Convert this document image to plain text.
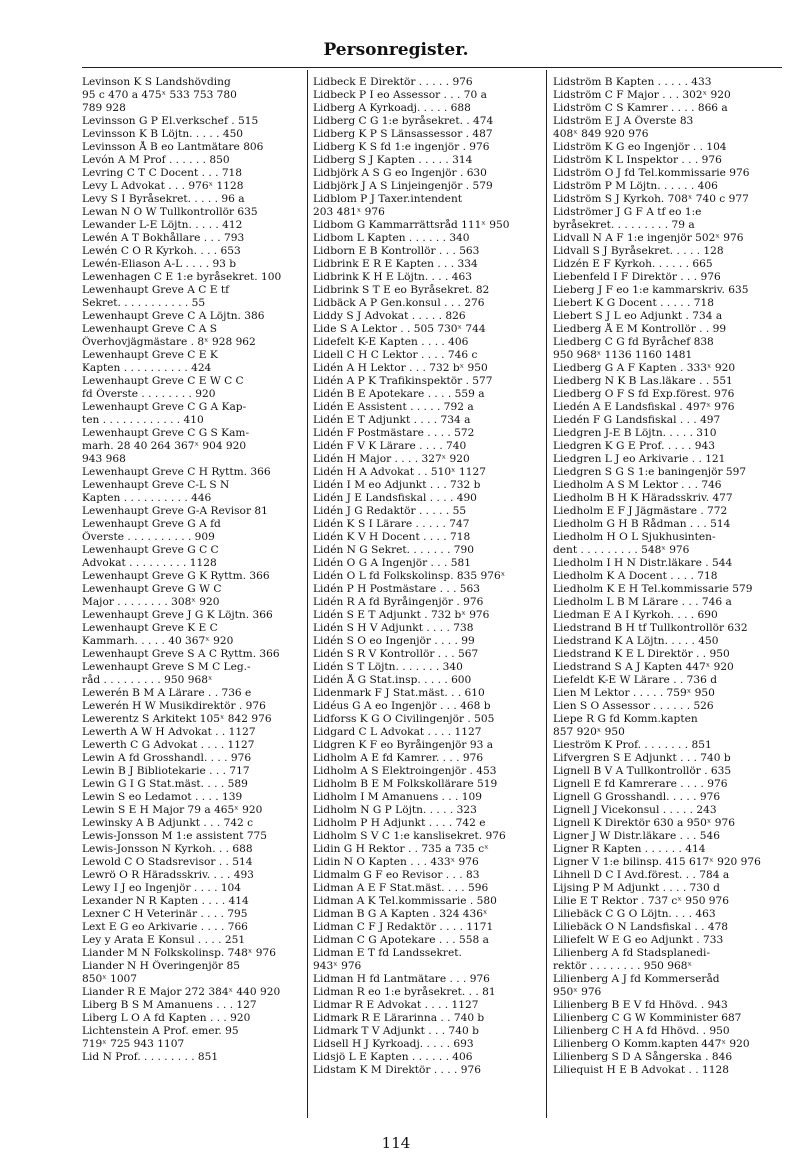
Personregister.
Levinson K S Landshövding
95 c 470 a 475ˣ 533 753 780
789 928
Levinsson G P El.verkschef . 515
Levinsson K B Löjtn. . . . . 450
Levinsson Å B eo Lantmätare 806
Levón A M Prof . . . . . . 850
Levring C T C Docent . . . 718
Levy L Advokat . . . 976ˣ 1128
Levy S I Byråsekret. . . . . 96 a
Lewan N O W Tullkontrollör 635
Lewander L-E Löjtn. . . . . 412
Lewén A T Bokhållare . . . 793
Lewén C O R Kyrkoh. . . . 653
Lewén-Eliason A-L . . . . 93 b
Lewenhagen C E 1:e byråsekret. 100
Lewenhaupt Greve A C E tf
Sekret. . . . . . . . . . . 55
Lewenhaupt Greve C A Löjtn. 386
Lewenhaupt Greve C A S
Överhovjägmästare . 8ˣ 928 962
Lewenhaupt Greve C E K
Kapten . . . . . . . . . . 424
Lewenhaupt Greve C E W C C
fd Överste . . . . . . . . 920
Lewenhaupt Greve C G A Kap-
ten . . . . . . . . . . . . 410
Lewenhaupt Greve C G S Kam-
marh. 28 40 264 367ˣ 904 920
943 968
Lewenhaupt Greve C H Ryttm. 366
Lewenhaupt Greve C-L S N
Kapten . . . . . . . . . . 446
Lewenhaupt Greve G-A Revisor 81
Lewenhaupt Greve G A fd
Överste . . . . . . . . . . 909
Lewenhaupt Greve G C C
Advokat . . . . . . . . . 1128
Lewenhaupt Greve G K Ryttm. 366
Lewenhaupt Greve G W C
Major . . . . . . . . 308ˣ 920
Lewenhaupt Greve J G K Löjtn. 366
Lewenhaupt Greve K E C
Kammarh. . . . . 40 367ˣ 920
Lewenhaupt Greve S A C Ryttm. 366
Lewenhaupt Greve S M C Leg.-
råd . . . . . . . . . 950 968ˣ
Lewerén B M A Lärare . . 736 e
Lewerén H W Musikdirektör . 976
Lewerentz S Arkitekt 105ˣ 842 976
Lewerth A W H Advokat . . 1127
Lewerth C G Advokat . . . . 1127
Lewin A fd Grosshandl. . . . 976
Lewin B J Bibliotekarie . . . 717
Lewin G I G Stat.mäst. . . . 589
Lewin S eo Ledamot . . . . 139
Lewin S E H Major 79 a 465ˣ 920
Lewinsky A B Adjunkt . . . 742 c
Lewis-Jonsson M 1:e assistent 775
Lewis-Jonsson N Kyrkoh. . . 688
Lewold C O Stadsrevisor . . 514
Lewrö O R Häradsskriv. . . . 493
Lewy I J eo Ingenjör . . . . 104
Lexander N R Kapten . . . . 414
Lexner C H Veterinär . . . . 795
Lext E G eo Arkivarie . . . . 766
Ley y Arata E Konsul . . . . 251
Liander M N Folkskolinsp. 748ˣ 976
Liander N H Överingenjör 85
850ˣ 1007
Liander R E Major 272 384ˣ 440 920
Liberg B S M Amanuens . . . 127
Liberg L O A fd Kapten . . . 920
Lichtenstein A Prof. emer. 95
719ˣ 725 943 1107
Lid N Prof. . . . . . . . . 851
Lidbeck E Direktör . . . . . 976
Lidbeck P I eo Assessor . . . 70 a
Lidberg A Kyrkoadj. . . . . 688
Lidberg C G 1:e byråsekret. . 474
Lidberg K P S Länsassessor . 487
Lidberg K S fd 1:e ingenjör . 976
Lidberg S J Kapten . . . . . 314
Lidbjörk A S G eo Ingenjör . 630
Lidbjörk J A S Linjeingenjör . 579
Lidblom P J Taxer.intendent
203 481ˣ 976
Lidbom G Kammarrättsråd 111ˣ 950
Lidbom L Kapten . . . . . . 340
Lidborn E B Kontrollör . . . 563
Lidbrink E R E Kapten . . . 334
Lidbrink K H E Löjtn. . . . 463
Lidbrink S T E eo Byråsekret. 82
Lidbäck A P Gen.konsul . . . 276
Liddy S J Advokat . . . . . 826
Lide S A Lektor . . 505 730ˣ 744
Lidefelt K-E Kapten . . . . 406
Lidell C H C Lektor . . . . 746 c
Lidén A H Lektor . . . 732 bˣ 950
Lidén A P K Trafikinspektör . 577
Lidén B E Apotekare . . . . 559 a
Lidén E Assistent . . . . . 792 a
Lidén E T Adjunkt . . . . 734 a
Lidén F Postmästare . . . . 572
Lidén F V K Lärare . . . . 740
Lidén H Major . . . . 327ˣ 920
Lidén H A Advokat . . 510ˣ 1127
Lidén I M eo Adjunkt . . . 732 b
Lidén J E Landsfiskal . . . . 490
Lidén J G Redaktör . . . . . 55
Lidén K S I Lärare . . . . . 747
Lidén K V H Docent . . . . 718
Lidén N G Sekret. . . . . . . 790
Lidén O G A Ingenjör . . . 581
Lidén O L fd Folkskolinsp. 835 976ˣ
Lidén P H Postmästare . . . 563
Lidén R A fd Byråingenjör . 976
Lidén S E T Adjunkt . 732 bˣ 976
Lidén S H V Adjunkt . . . . 738
Lidén S O eo Ingenjör . . . . 99
Lidén S R V Kontrollör . . . 567
Lidén S T Löjtn. . . . . . . 340
Lidén Å G Stat.insp. . . . . 600
Lidenmark F J Stat.mäst. . . 610
Lidéus G A eo Ingenjör . . . 468 b
Lidforss K G O Civilingenjör . 505
Lidgard C L Advokat . . . . 1127
Lidgren K F eo Byråingenjör 93 a
Lidholm A E fd Kamrer. . . . 976
Lidholm A S Elektroingenjör . 453
Lidholm B E M Folkskollärare 519
Lidholm I M Amanuens . . . 109
Lidholm N G P Löjtn. . . . . 323
Lidholm P H Adjunkt . . . . 742 e
Lidholm S V C 1:e kanslisekret. 976
Lidin G H Rektor . . 735 a 735 cˣ
Lidin N O Kapten . . . 433ˣ 976
Lidmalm G F eo Revisor . . . 83
Lidman A E F Stat.mäst. . . . 596
Lidman A K Tel.kommissarie . 580
Lidman B G A Kapten . 324 436ˣ
Lidman C F J Redaktör . . . . 1171
Lidman C G Apotekare . . . 558 a
Lidman E T fd Landssekret.
943ˣ 976
Lidman H fd Lantmätare . . . 976
Lidman R eo 1:e byråsekret. . . 81
Lidmar R E Advokat . . . . 1127
Lidmark R E Lärarinna . . 740 b
Lidmark T V Adjunkt . . . 740 b
Lidsell H J Kyrkoadj. . . . . 693
Lidsjö L E Kapten . . . . . . 406
Lidstam K M Direktör . . . . 976
Lidström B Kapten . . . . . 433
Lidström C F Major . . . 302ˣ 920
Lidström C S Kamrer . . . . 866 a
Lidström E J A Överste 83
408ˣ 849 920 976
Lidström K G eo Ingenjör . . 104
Lidström K L Inspektor . . . 976
Lidström O J fd Tel.kommissarie 976
Lidström P M Löjtn. . . . . . 406
Lidström S J Kyrkoh. 708ˣ 740 c 977
Lidströmer J G F A tf eo 1:e
byråsekret. . . . . . . . . 79 a
Lidvall N A F 1:e ingenjör 502ˣ 976
Lidvall S J Byråsekret. . . . . 128
Lidzén E F Kyrkoh. . . . . . 665
Liebenfeld I F Direktör . . . 976
Lieberg J F eo 1:e kammarskriv. 635
Liebert K G Docent . . . . . 718
Liebert S J L eo Adjunkt . 734 a
Liedberg Å E M Kontrollör . . 99
Liedberg C G fd Byråchef 838
950 968ˣ 1136 1160 1481
Liedberg G A F Kapten . 333ˣ 920
Liedberg N K B Las.läkare . . 551
Liedberg O F S fd Exp.förest. 976
Liedén A E Landsfiskal . 497ˣ 976
Liedén F G Landsfiskal . . . 497
Liedgren J-E B Löjtn. . . . . 310
Liedgren K G E Prof. . . . . 943
Liedgren L J eo Arkivarie . . 121
Liedgren S G S 1:e baningenjör 597
Liedholm A S M Lektor . . . 746
Liedholm B H K Häradsskriv. 477
Liedholm E F J Jägmästare . 772
Liedholm G H B Rådman . . . 514
Liedholm H O L Sjukhusinten-
dent . . . . . . . . . 548ˣ 976
Liedholm I H N Distr.läkare . 544
Liedholm K A Docent . . . . 718
Liedholm K E H Tel.kommissarie 579
Liedholm L B M Lärare . . . 746 a
Liedman E A I Kyrkoh. . . . 690
Liedstrand B H tf Tullkontrollör 632
Liedstrand K A Löjtn. . . . . 450
Liedstrand K E L Direktör . . 950
Liedstrand S A J Kapten 447ˣ 920
Liefeldt K-E W Lärare . . 736 d
Lien M Lektor . . . . . 759ˣ 950
Lien S O Assessor . . . . . . 526
Liepe R G fd Komm.kapten
857 920ˣ 950
Lieström K Prof. . . . . . . . 851
Lifvergren S E Adjunkt . . . 740 b
Lignell B V A Tullkontrollör . 635
Lignell E fd Kamrerare . . . . 976
Lignell G Grosshandl. . . . . 976
Lignell J Vicekonsul . . . . . 243
Lignell K Direktör 630 a 950ˣ 976
Ligner J W Distr.läkare . . . 546
Ligner R Kapten . . . . . . 414
Ligner V 1:e bilinsp. 415 617ˣ 920 976
Lihnell D C I Avd.förest. . . 784 a
Lijsing P M Adjunkt . . . . 730 d
Lilie E T Rektor . 737 cˣ 950 976
Liliebäck C G O Löjtn. . . . 463
Liliebäck O N Landsfiskal . . 478
Liliefelt W E G eo Adjunkt . 733
Lilienberg A fd Stadsplanedi-
rektör . . . . . . . . 950 968ˣ
Lilienberg A J fd Kommerseråd
950ˣ 976
Lilienberg B E V fd Hhövd. . 943
Lilienberg C G W Komminister 687
Lilienberg C H A fd Hhövd. . 950
Lilienberg O Komm.kapten 447ˣ 920
Lilienberg S D A Sångerska . 846
Liliequist H E B Advokat . . 1128
114
